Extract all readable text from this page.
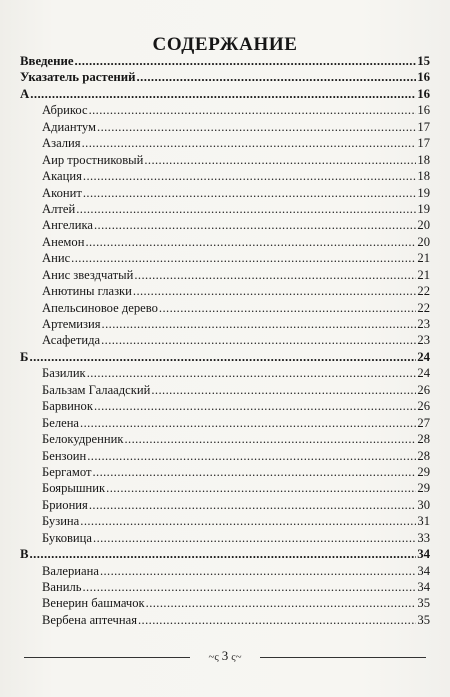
СОДЕРЖАНИЕ
Введение .....	15
Указатель растений .....	16
А .....	16
Абрикос .....	16
Адиантум .....	17
Азалия .....	17
Аир тростниковый .....	18
Акация .....	18
Аконит .....	19
Алтей .....	19
Ангелика .....	20
Анемон .....	20
Анис .....	21
Анис звездчатый .....	21
Анютины глазки .....	22
Апельсиновое дерево .....	22
Артемизия .....	23
Асафетида .....	23
Б .....	24
Базилик .....	24
Бальзам Галаадский .....	26
Барвинок .....	26
Белена .....	27
Белокудренник .....	28
Бензоин .....	28
Бергамот .....	29
Боярышник .....	29
Бриония .....	30
Бузина .....	31
Буковица .....	33
В .....	34
Валериана .....	34
Ваниль .....	34
Венерин башмачок .....	35
Вербена аптечная .....	35
~ς 3 ς~
